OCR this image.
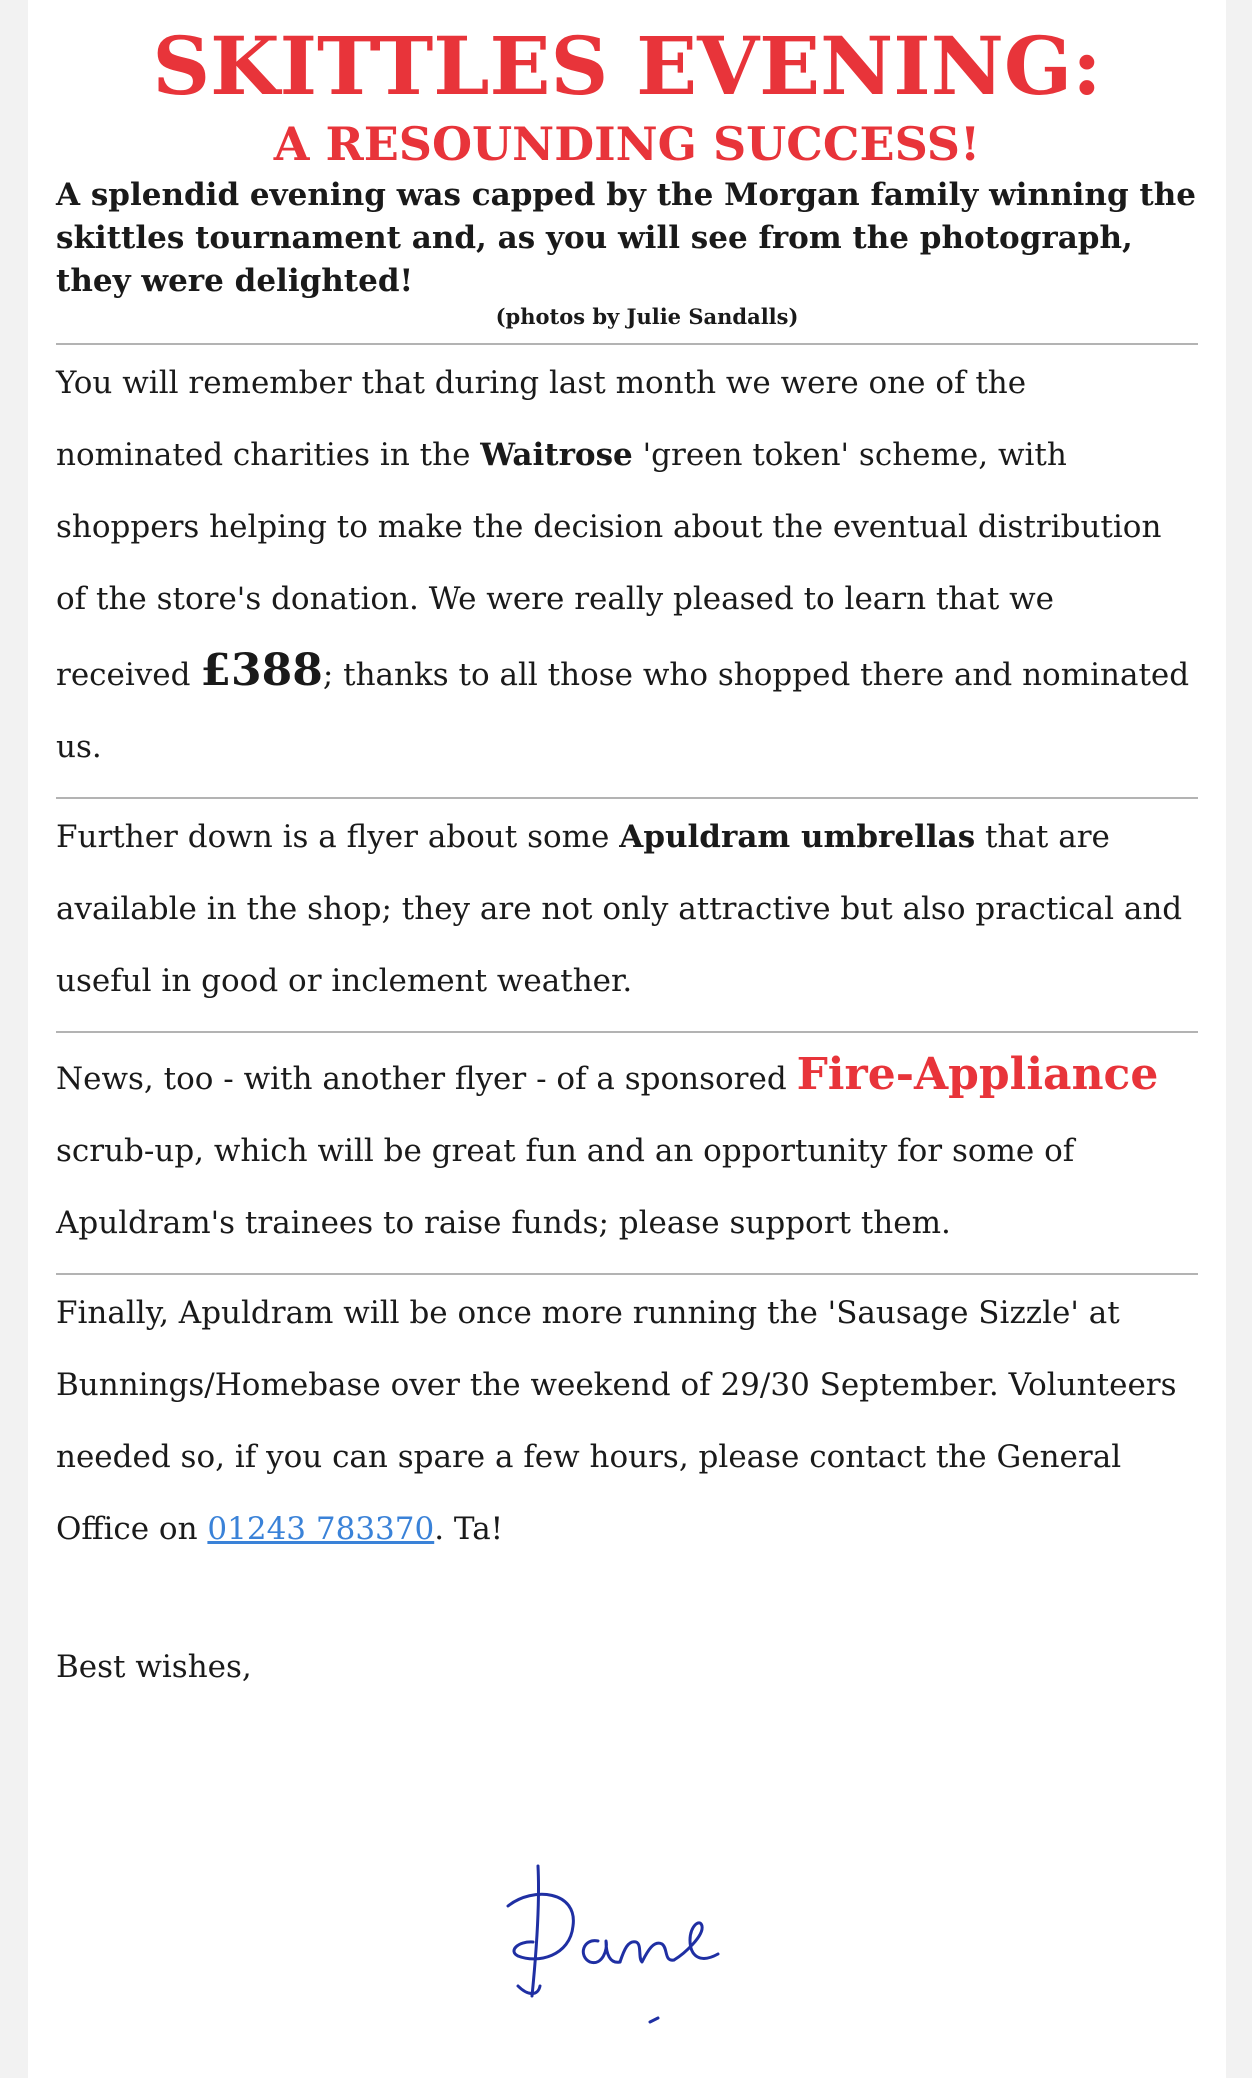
SKITTLES EVENING:
A RESOUNDING SUCCESS!

A splendid evening was capped by the Morgan family winning the skittles tournament and, as you will see from the photograph, they were delighted!

(photos by Julie Sandalls)

You will remember that during last month we were one of the nominated charities in the Waitrose 'green token' scheme, with shoppers helping to make the decision about the eventual distribution of the store's donation. We were really pleased to learn that we received £388; thanks to all those who shopped there and nominated us.

Further down is a flyer about some Apuldram umbrellas that are available in the shop; they are not only attractive but also practical and useful in good or inclement weather.

News, too - with another flyer - of a sponsored Fire-Appliance scrub-up, which will be great fun and an opportunity for some of Apuldram's trainees to raise funds; please support them.

Finally, Apuldram will be once more running the 'Sausage Sizzle' at Bunnings/Homebase over the weekend of 29/30 September. Volunteers needed so, if you can spare a few hours, please contact the General Office on 01243 783370. Ta!

Best wishes,
